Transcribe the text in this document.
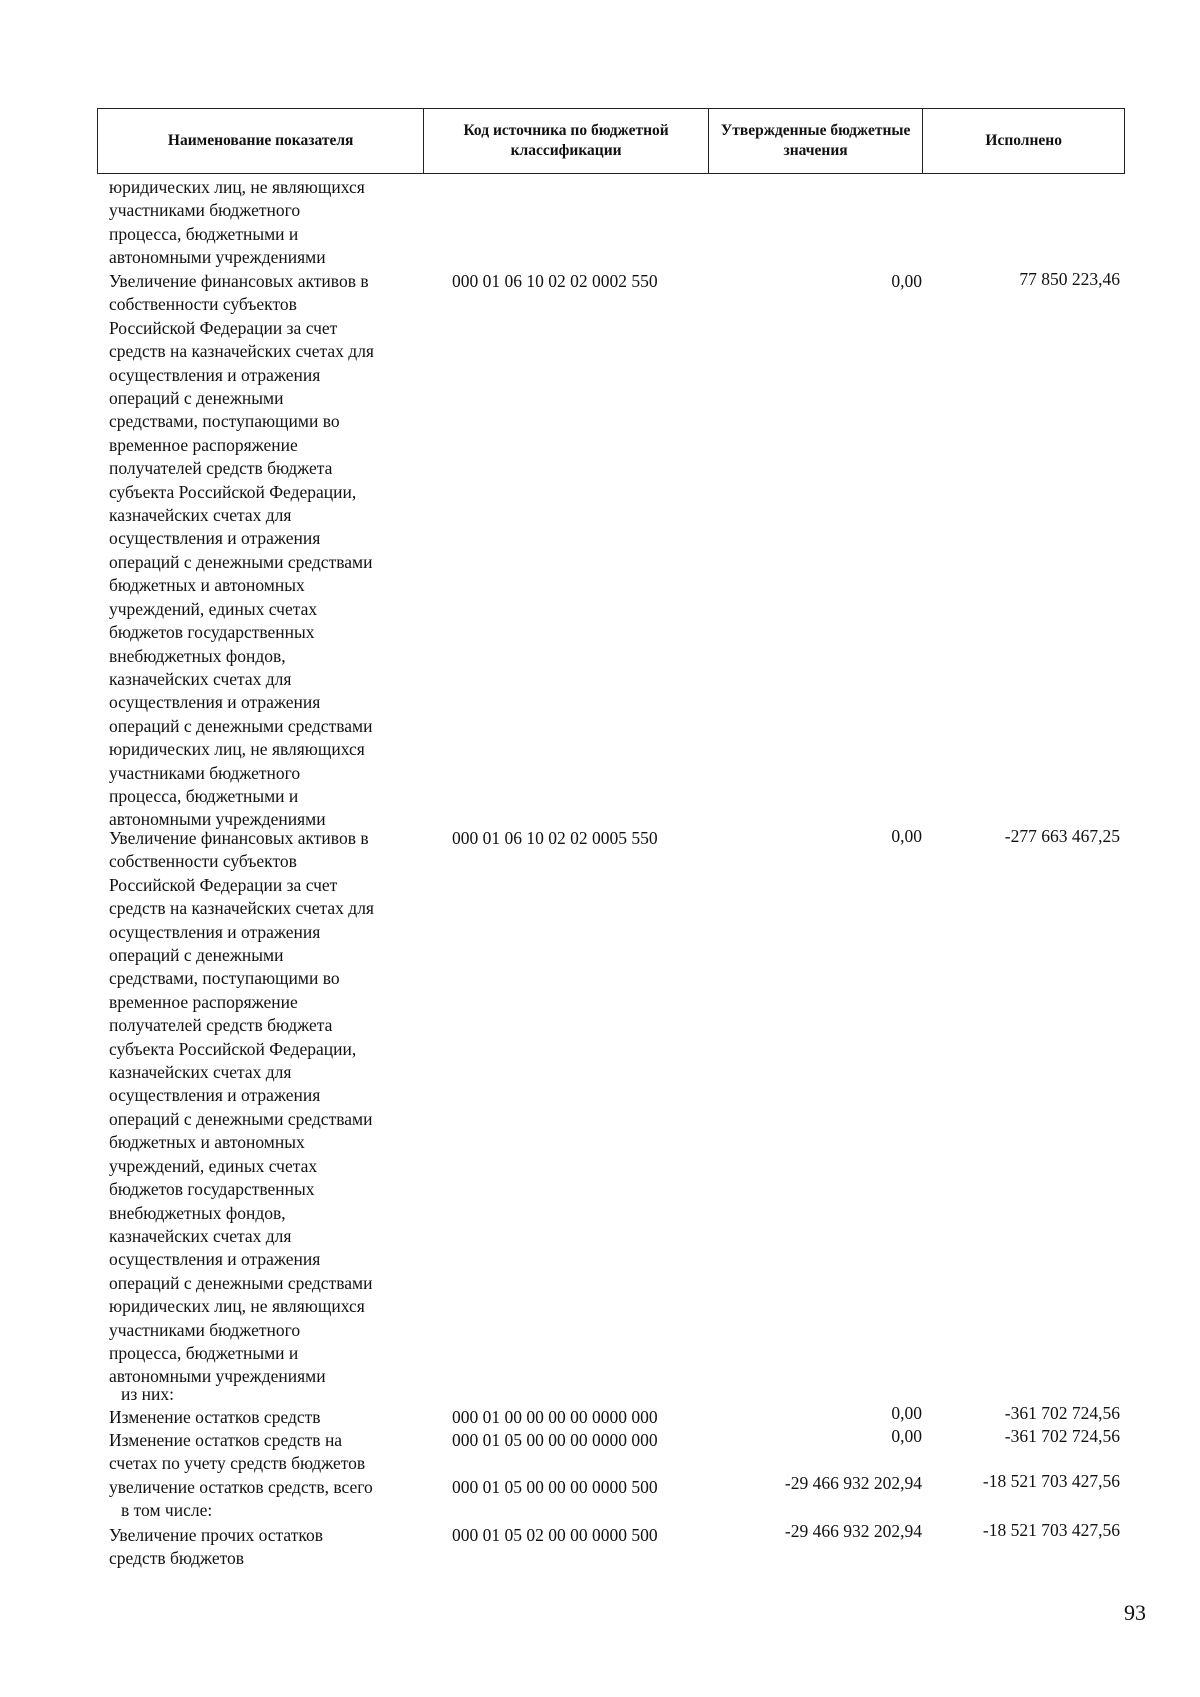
Наименование показателя
Код источника по бюджетной классификации
Утвержденные бюджетные значения
Исполнено
юридических лиц, не являющихся
участниками бюджетного
процесса, бюджетными и
автономными учреждениями
Увеличение финансовых активов в
собственности субъектов
Российской Федерации за счет
средств на казначейских счетах для
осуществления и отражения
операций с денежными
средствами, поступающими во
временное распоряжение
получателей средств бюджета
субъекта Российской Федерации,
казначейских счетах для
осуществления и отражения
операций с денежными средствами
бюджетных и автономных
учреждений, единых счетах
бюджетов государственных
внебюджетных фондов,
казначейских счетах для
осуществления и отражения
операций с денежными средствами
юридических лиц, не являющихся
участниками бюджетного
процесса, бюджетными и
автономными учреждениями
000 01 06 10 02 02 0002 550	0,00	77 850 223,46
Увеличение финансовых активов в
собственности субъектов
Российской Федерации за счет
средств на казначейских счетах для
осуществления и отражения
операций с денежными
средствами, поступающими во
временное распоряжение
получателей средств бюджета
субъекта Российской Федерации,
казначейских счетах для
осуществления и отражения
операций с денежными средствами
бюджетных и автономных
учреждений, единых счетах
бюджетов государственных
внебюджетных фондов,
казначейских счетах для
осуществления и отражения
операций с денежными средствами
юридических лиц, не являющихся
участниками бюджетного
процесса, бюджетными и
автономными учреждениями
000 01 06 10 02 02 0005 550	0,00	-277 663 467,25
из них:
Изменение остатков средств	000 01 00 00 00 00 0000 000	0,00	-361 702 724,56
Изменение остатков средств на
счетах по учету средств бюджетов
000 01 05 00 00 00 0000 000	0,00	-361 702 724,56
увеличение остатков средств, всего	000 01 05 00 00 00 0000 500	-29 466 932 202,94	-18 521 703 427,56
в том числе:
Увеличение прочих остатков
средств бюджетов
000 01 05 02 00 00 0000 500	-29 466 932 202,94	-18 521 703 427,56
93
